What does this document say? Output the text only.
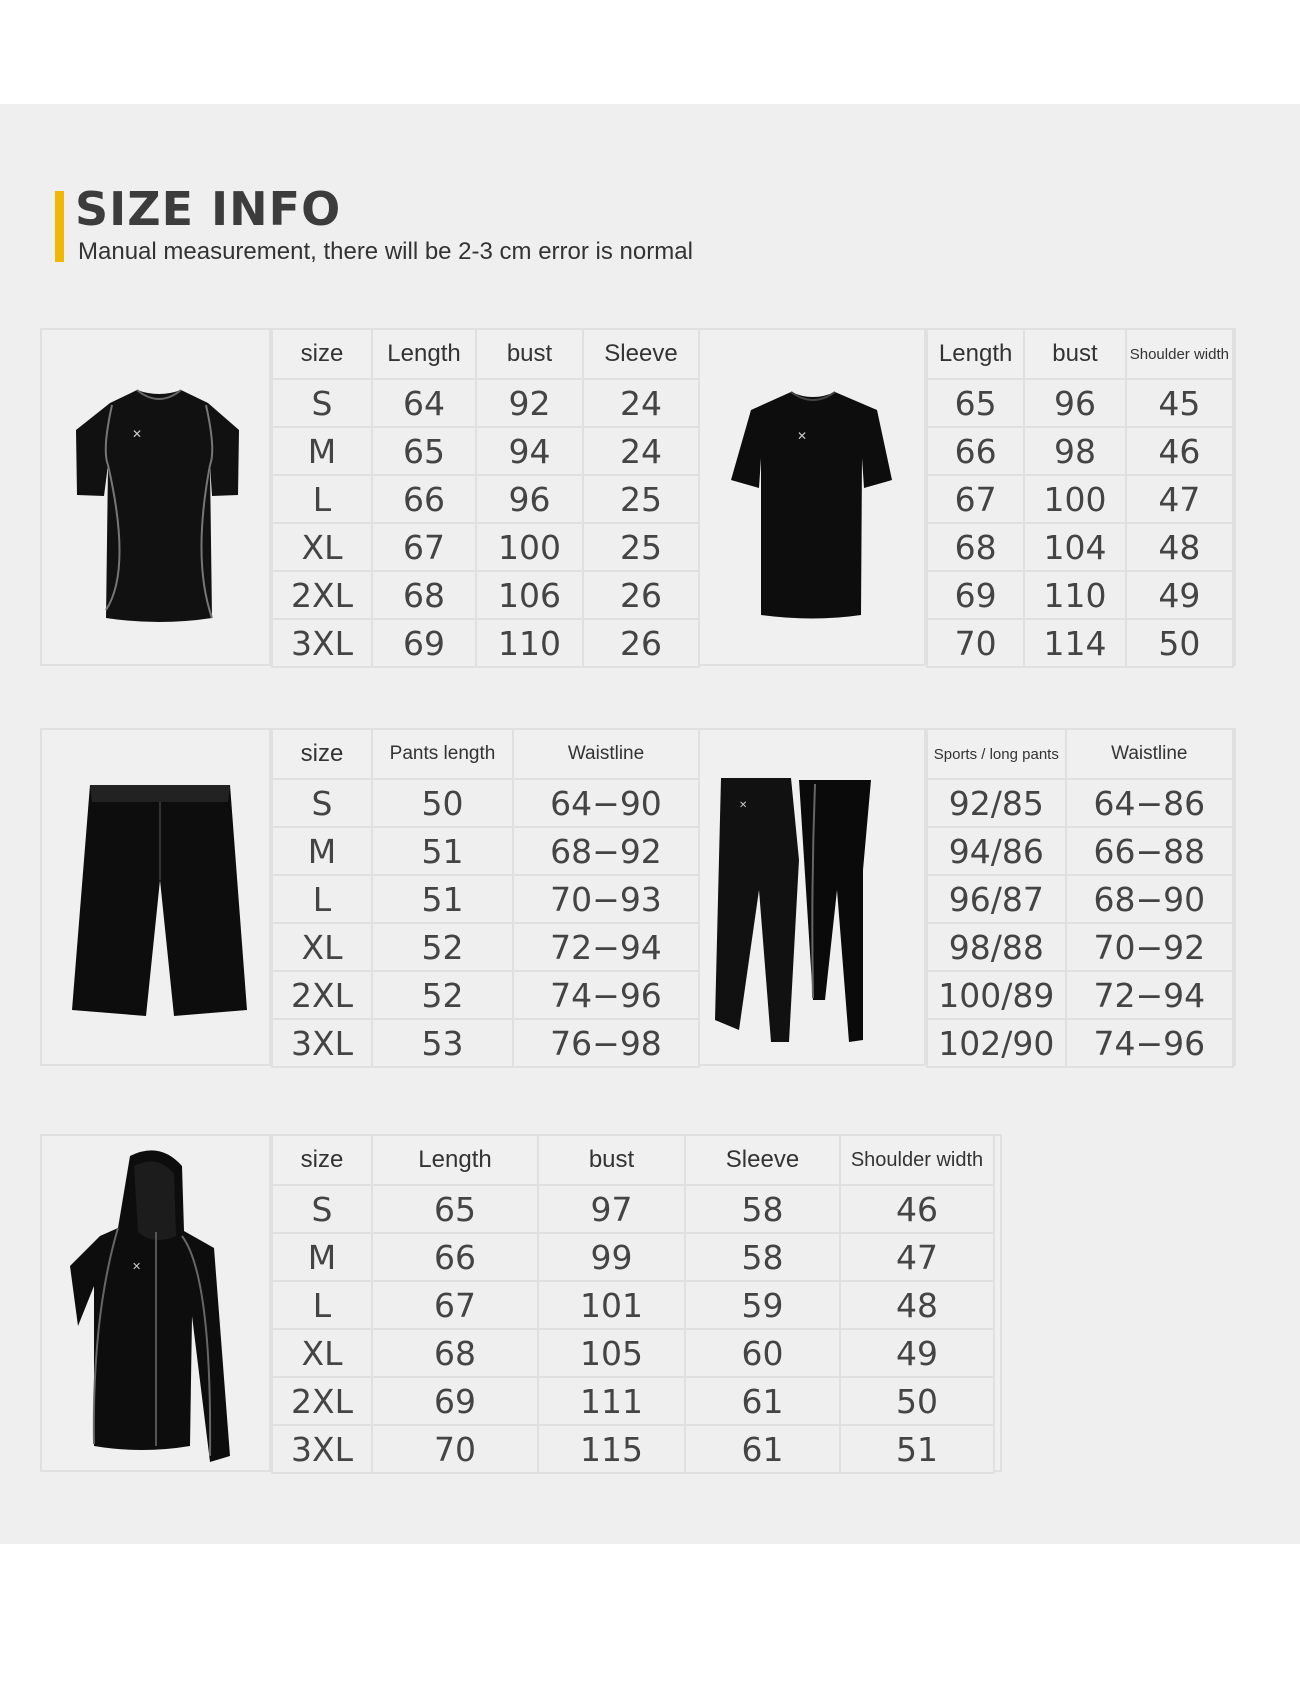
SIZE INFO
Manual measurement, there will be 2-3 cm error is normal
✕	✕
size	Length	bust	Sleeve
S	64	92	24
M	65	94	24
L	66	96	25
XL	67	100	25
2XL	68	106	26
3XL	69	110	26
Length	bust	Shoulder width
65	96	45
66	98	46
67	100	47
68	104	48
69	110	49
70	114	50
✕
size	Pants length	Waistline
S	50	64−90
M	51	68−92
L	51	70−93
XL	52	72−94
2XL	52	74−96
3XL	53	76−98
Sports / long pants	Waistline
92/85	64−86
94/86	66−88
96/87	68−90
98/88	70−92
100/89	72−94
102/90	74−96
✕
size	Length	bust	Sleeve	Shoulder width
S	65	97	58	46
M	66	99	58	47
L	67	101	59	48
XL	68	105	60	49
2XL	69	111	61	50
3XL	70	115	61	51
